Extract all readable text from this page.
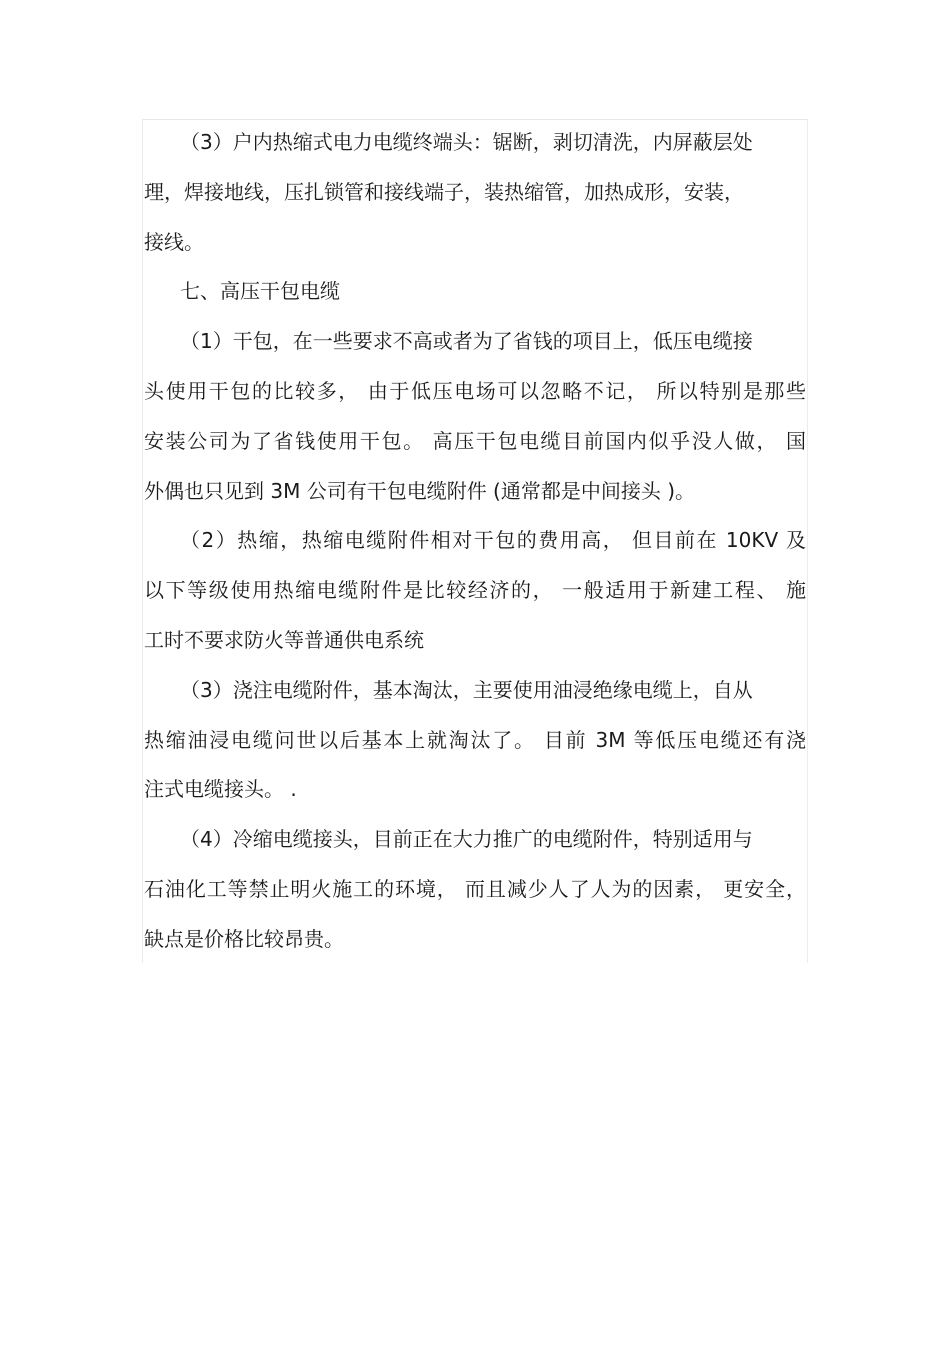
（3）户内热缩式电力电缆终端头：锯断，剥切清洗，内屏蔽层处
理，焊接地线，压扎锁管和接线端子，装热缩管，加热成形，安装，
接线。
七、高压干包电缆
（1）干包，在一些要求不高或者为了省钱的项目上，低压电缆接
头使用干包的比较多， 由于低压电场可以忽略不记， 所以特别是那些
安装公司为了省钱使用干包。 高压干包电缆目前国内似乎没人做， 国
外偶也只见到 3M 公司有干包电缆附件 (通常都是中间接头 )。
（2）热缩，热缩电缆附件相对干包的费用高， 但目前在 10KV 及
以下等级使用热缩电缆附件是比较经济的， 一般适用于新建工程、 施
工时不要求防火等普通供电系统
（3）浇注电缆附件，基本淘汰，主要使用油浸绝缘电缆上，自从
热缩油浸电缆问世以后基本上就淘汰了。 目前 3M 等低压电缆还有浇
注式电缆接头。 .
（4）冷缩电缆接头，目前正在大力推广的电缆附件，特别适用与
石油化工等禁止明火施工的环境， 而且减少人了人为的因素， 更安全，
缺点是价格比较昂贵。
